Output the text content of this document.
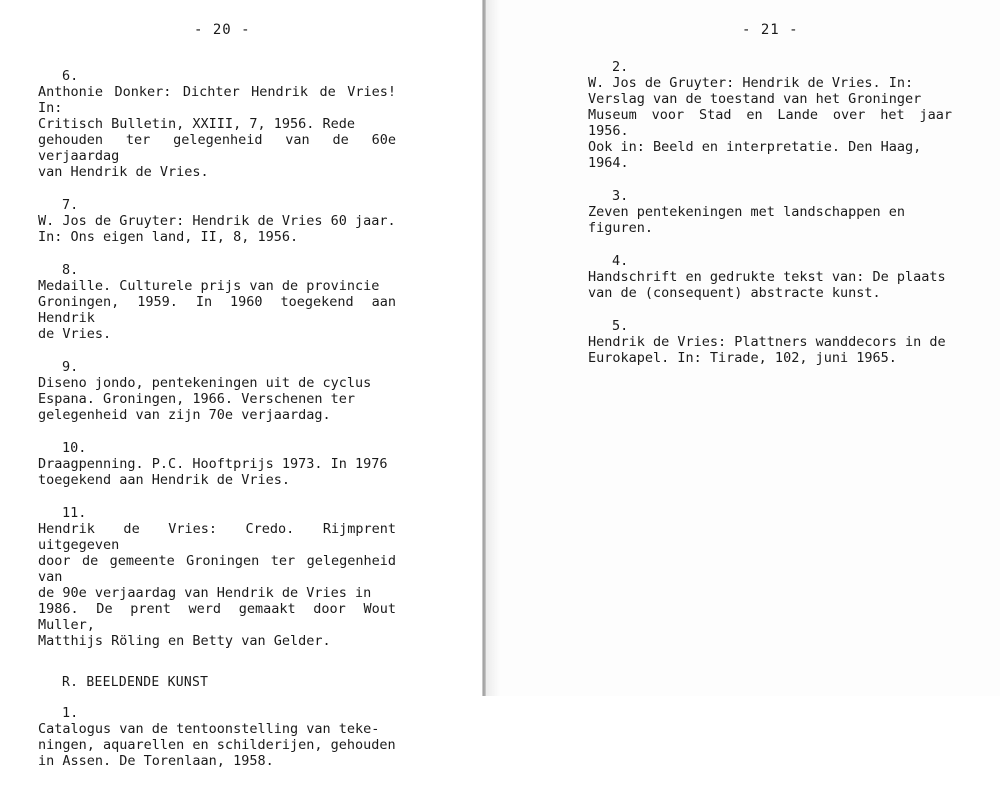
- 20 -
6.
Anthonie Donker: Dichter Hendrik de Vries! In:
Critisch Bulletin, XXIII, 7, 1956. Rede
gehouden ter gelegenheid van de 60e verjaardag
van Hendrik de Vries.
7.
W. Jos de Gruyter: Hendrik de Vries 60 jaar.
In: Ons eigen land, II, 8, 1956.
8.
Medaille. Culturele prijs van de provincie
Groningen, 1959. In 1960 toegekend aan Hendrik
de Vries.
9.
Diseno jondo, pentekeningen uit de cyclus
Espana. Groningen, 1966. Verschenen ter
gelegenheid van zijn 70e verjaardag.
10.
Draagpenning. P.C. Hooftprijs 1973. In 1976
toegekend aan Hendrik de Vries.
11.
Hendrik de Vries: Credo. Rijmprent uitgegeven
door de gemeente Groningen ter gelegenheid van
de 90e verjaardag van Hendrik de Vries in
1986. De prent werd gemaakt door Wout Muller,
Matthijs Röling en Betty van Gelder.
R. BEELDENDE KUNST
1.
Catalogus van de tentoonstelling van teke-
ningen, aquarellen en schilderijen, gehouden
in Assen. De Torenlaan, 1958.
- 21 -
2.
W. Jos de Gruyter: Hendrik de Vries. In:
Verslag van de toestand van het Groninger
Museum voor Stad en Lande over het jaar 1956.
Ook in: Beeld en interpretatie. Den Haag,
1964.
3.
Zeven pentekeningen met landschappen en
figuren.
4.
Handschrift en gedrukte tekst van: De plaats
van de (consequent) abstracte kunst.
5.
Hendrik de Vries: Plattners wanddecors in de
Eurokapel. In: Tirade, 102, juni 1965.
